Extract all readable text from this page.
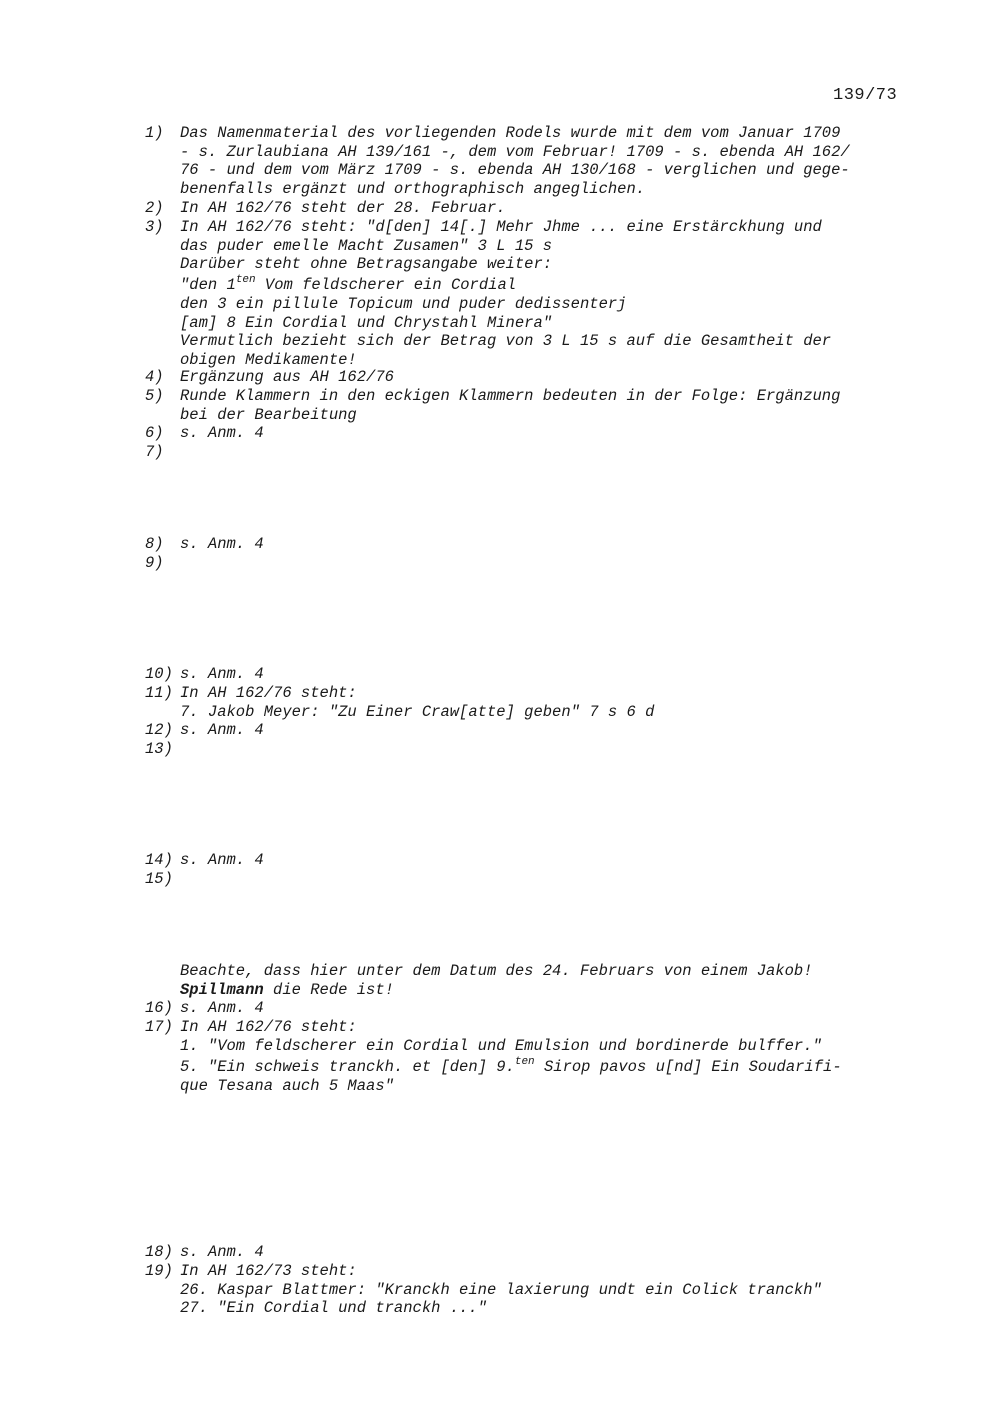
139/73
1) Das Namenmaterial des vorliegenden Rodels wurde mit dem vom Januar 1709
- s. Zurlaubiana AH 139/161 -, dem vom Februar! 1709 - s. ebenda AH 162/
76 - und dem vom März 1709 - s. ebenda AH 130/168 - verglichen und gege-
benenfalls ergänzt und orthographisch angeglichen.
2) In AH 162/76 steht der 28. Februar.
3) In AH 162/76 steht: "d[den] 14[.] Mehr Jhme ... eine Erstärckhung und
das puder emelle Macht Zusamen" 3 L 15 s
Darüber steht ohne Betragsangabe weiter:
"den $1^{ten}$ Vom feldscherer ein Cordial
den 3 ein pillule Topicum und puder dedissenterj
[am] 8 Ein Cordial und Chrystahl Minera"
Vermutlich bezieht sich der Betrag von 3 L 15 s auf die Gesamtheit der
obigen Medikamente!
4) Ergänzung aus AH 162/76
5) Runde Klammern in den eckigen Klammern bedeuten in der Folge: Ergänzung
bei der Bearbeitung
6) s. Anm. 4
7)
8) s. Anm. 4
9)
10) s. Anm. 4
11) In AH 162/76 steht:
7. Jakob Meyer: "Zu Einer Craw[atte] geben" 7 s 6 d
12) s. Anm. 4
13)
14) s. Anm. 4
15)
Beachte, dass hier unter dem Datum des 24. Februars von einem Jakob!
Spillmann die Rede ist!
16) s. Anm. 4
17) In AH 162/76 steht:
1. "Vom feldscherer ein Cordial und Emulsion und bordinerde bulffer."
5. "Ein schweis tranckh. et [den] 9.$^{ten}$ Sirop pavos u[nd] Ein Soudarifi-
que Tesana auch 5 Maas"
18) s. Anm. 4
19) In AH 162/73 steht:
26. Kaspar Blattmer: "Kranckh eine laxierung undt ein Colick tranckh"
27. "Ein Cordial und tranckh ..."
